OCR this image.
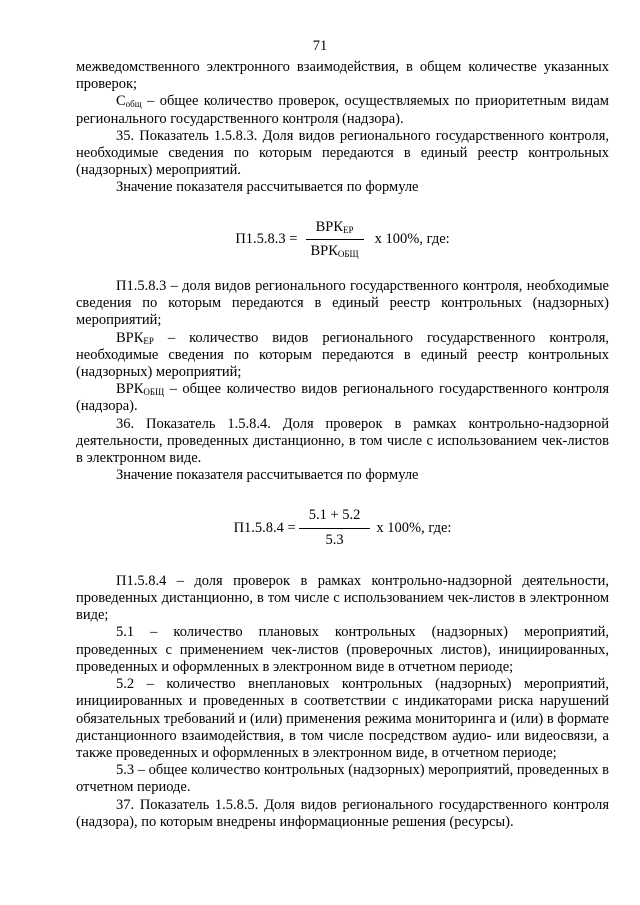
71

межведомственного электронного взаимодействия, в общем количестве указанных проверок;

$С_{общ}$ – общее количество проверок, осуществляемых по приоритетным видам регионального государственного контроля (надзора).

35. Показатель 1.5.8.3. Доля видов регионального государственного контроля, необходимые сведения по которым передаются в единый реестр контрольных (надзорных) мероприятий.

Значение показателя рассчитывается по формуле

$П1.5.8.3 = \frac{ВРК_{ЕР}}{ВРК_{ОБЩ}}$ х 100%, где:

П1.5.8.3 – доля видов регионального государственного контроля, необходимые сведения по которым передаются в единый реестр контрольных (надзорных) мероприятий;

$ВРК_{ЕР}$ – количество видов регионального государственного контроля, необходимые сведения по которым передаются в единый реестр контрольных (надзорных) мероприятий;

$ВРК_{ОБЩ}$ – общее количество видов регионального государственного контроля (надзора).

36. Показатель 1.5.8.4. Доля проверок в рамках контрольно-надзорной деятельности, проведенных дистанционно, в том числе с использованием чек-листов в электронном виде.

Значение показателя рассчитывается по формуле

$П1.5.8.4 = \frac{5.1 + 5.2}{5.3}$ х 100%, где:

П1.5.8.4 – доля проверок в рамках контрольно-надзорной деятельности, проведенных дистанционно, в том числе с использованием чек-листов в электронном виде;

5.1 – количество плановых контрольных (надзорных) мероприятий, проведенных с применением чек-листов (проверочных листов), инициированных, проведенных и оформленных в электронном виде в отчетном периоде;

5.2 – количество внеплановых контрольных (надзорных) мероприятий, инициированных и проведенных в соответствии с индикаторами риска нарушений обязательных требований и (или) применения режима мониторинга и (или) в формате дистанционного взаимодействия, в том числе посредством аудио- или видеосвязи, а также проведенных и оформленных в электронном виде, в отчетном периоде;

5.3 – общее количество контрольных (надзорных) мероприятий, проведенных в отчетном периоде.

37. Показатель 1.5.8.5. Доля видов регионального государственного контроля (надзора), по которым внедрены информационные решения (ресурсы).
